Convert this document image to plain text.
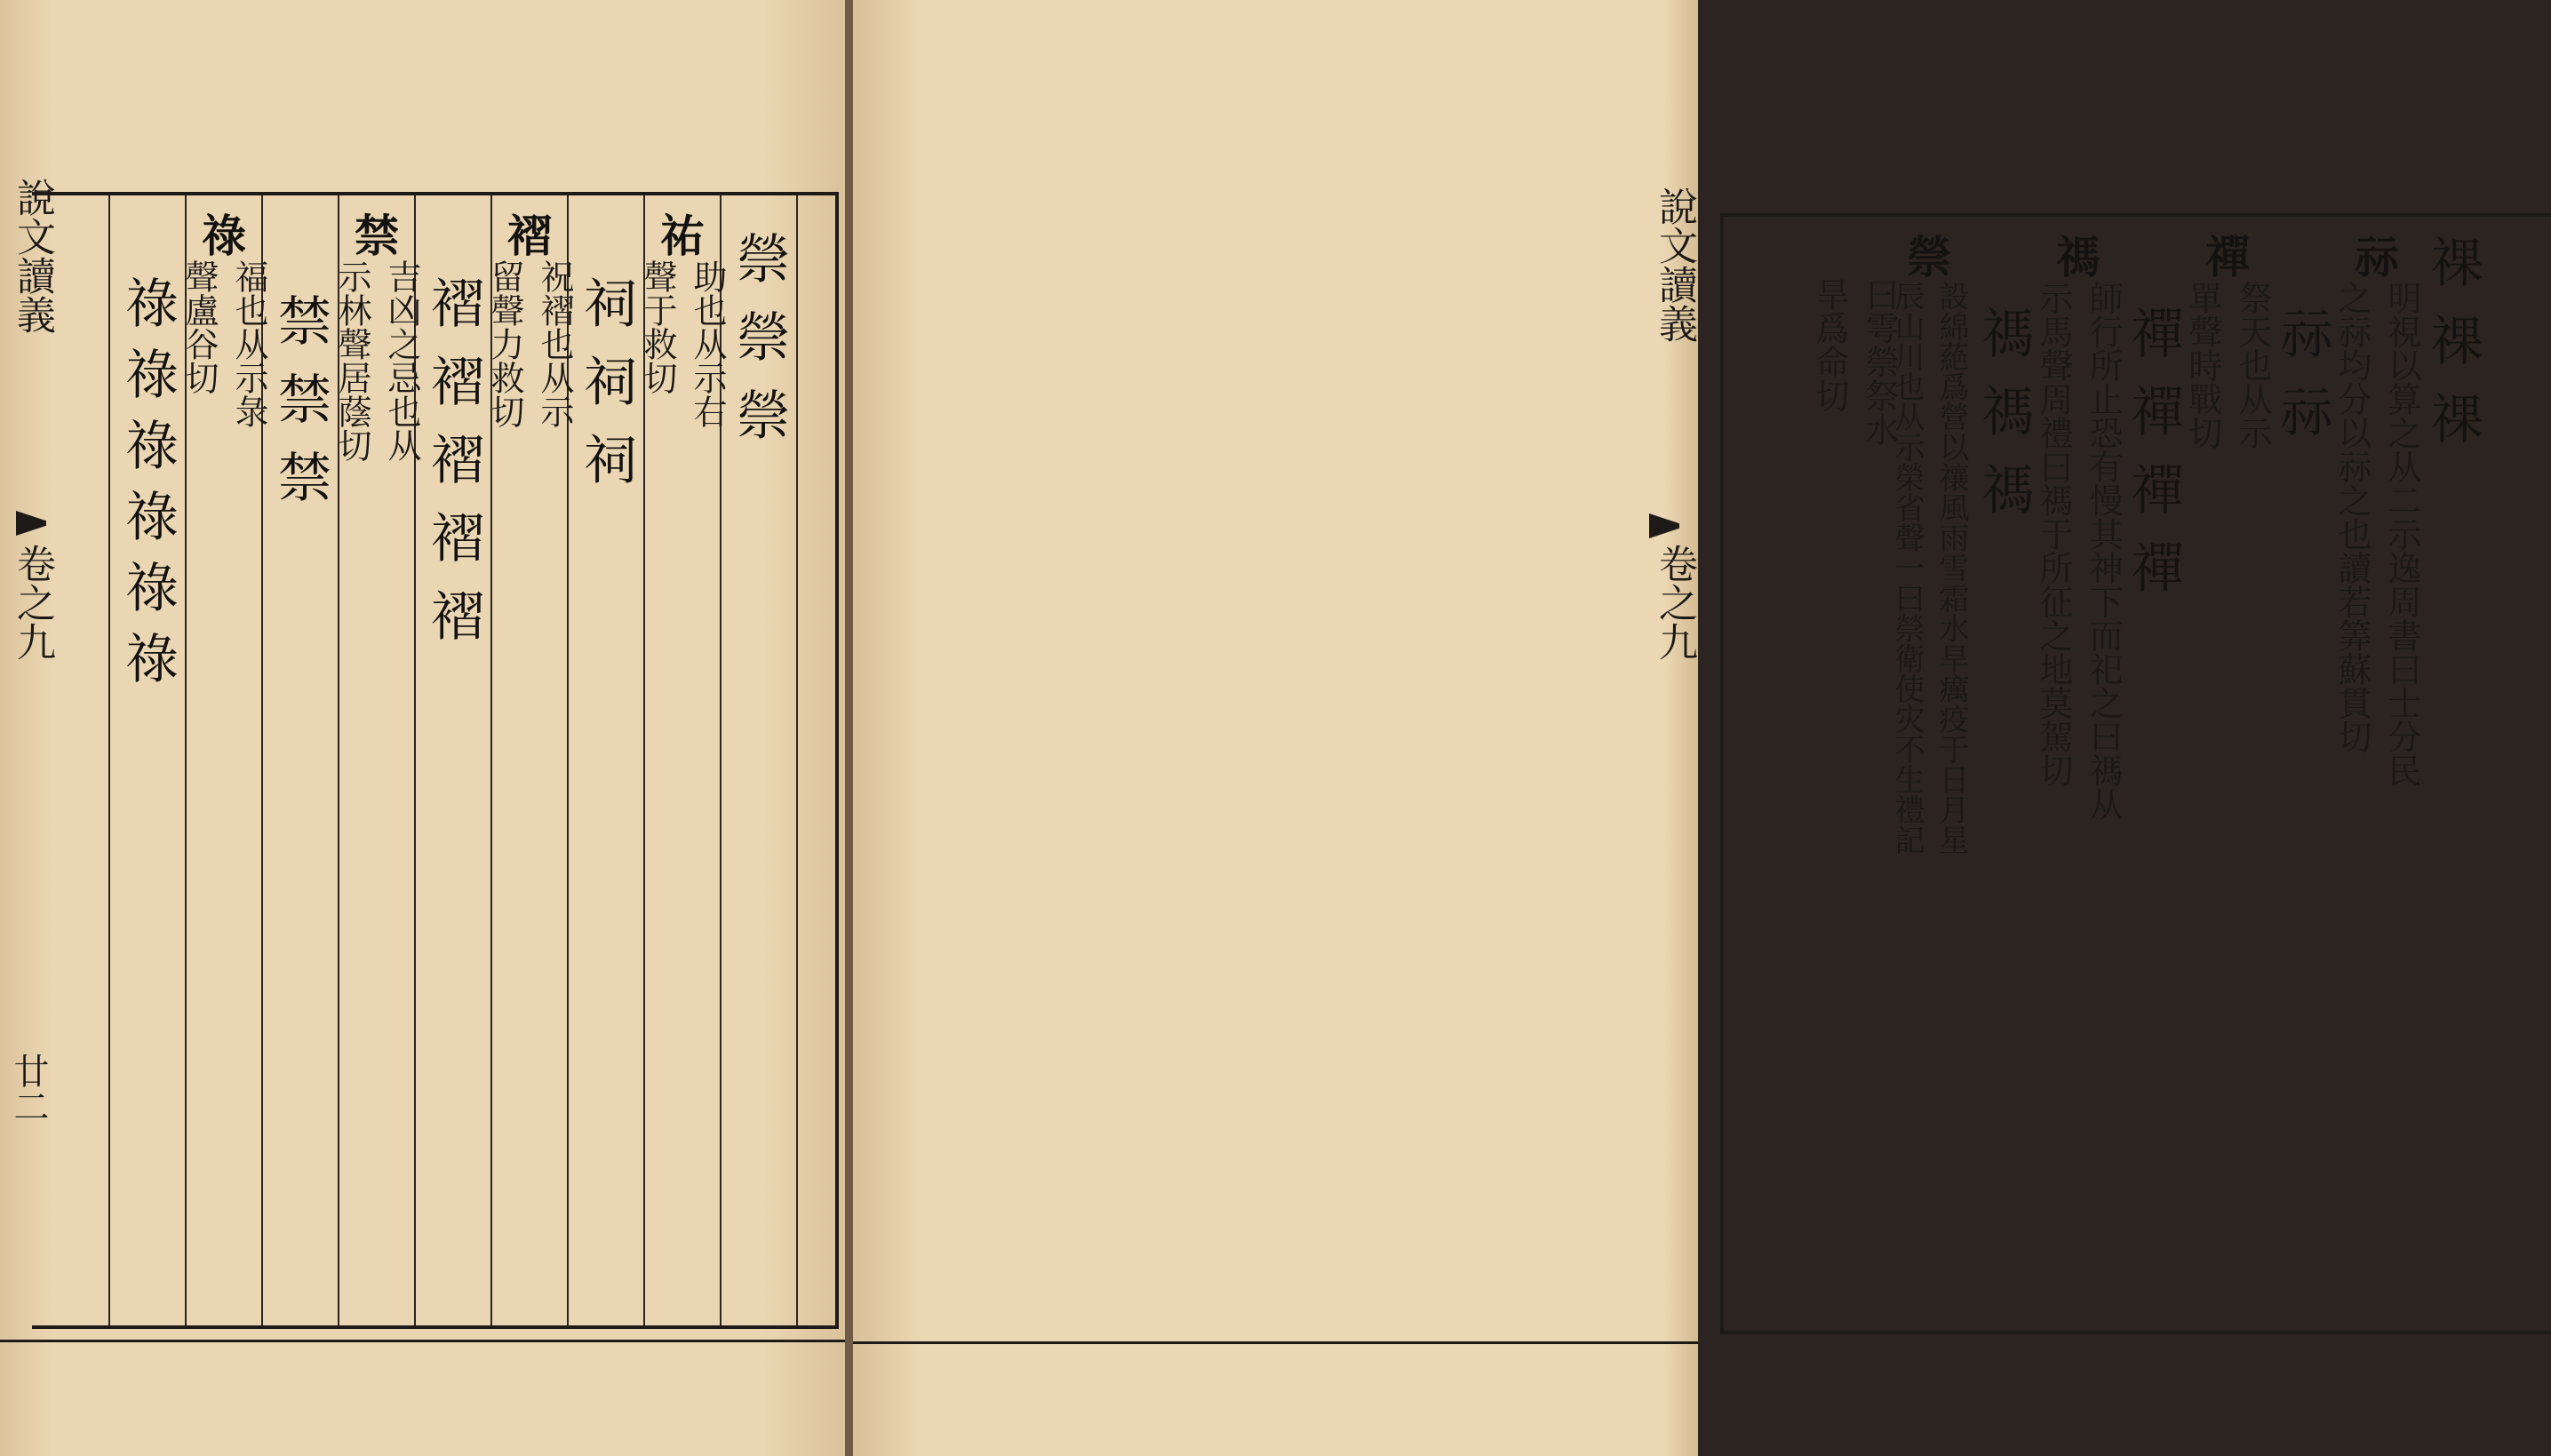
說文讀義
卷之九
廿二
禜禜禜
祐
助也从示右
聲于救切
祠祠祠
褶
祝褶也从示
留聲力救切
褶褶褶褶褶
禁
吉凶之忌也从
示林聲居蔭切
禁禁禁
祿
福也从示彔
聲盧谷切
祿祿祿祿祿祿
說文讀義
卷之九
祼祼祼
祘
明視以算之从二示逸周書曰士分民
之祘均分以祘之也讀若筭蘇貫切
祘祘
禪
祭天也从示
單聲時戰切
禪禪禪禪
禡
師行所止恐有慢其神下而祀之曰禡从
示馬聲周禮曰禡于所征之地莫駕切
禡禡禡
禜
設綿蕝爲營以禳風雨雪霜水旱癘疫于日月星
辰山川也从示榮省聲一曰禜衛使灾不生禮記
曰雩禜祭水
旱爲命切
